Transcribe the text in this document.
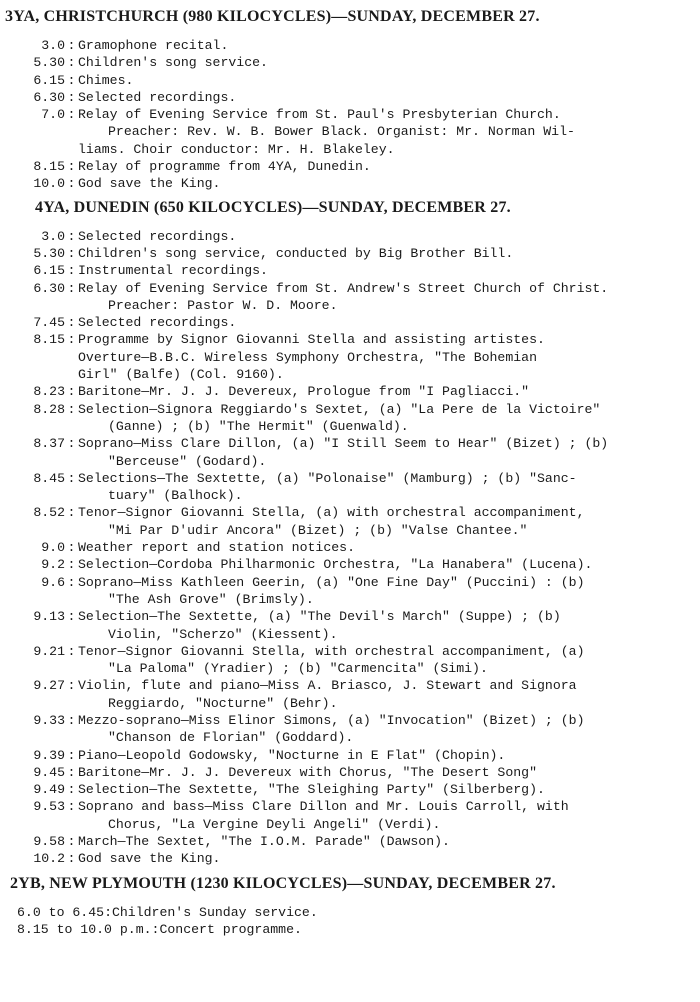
3YA, CHRISTCHURCH (980 KILOCYCLES)—SUNDAY, DECEMBER 27.
3.0 : Gramophone recital.
5.30 : Children's song service.
6.15 : Chimes.
6.30 : Selected recordings.
7.0 : Relay of Evening Service from St. Paul's Presbyterian Church.
Preacher: Rev. W. B. Bower Black. Organist: Mr. Norman Wil-
liams. Choir conductor: Mr. H. Blakeley.
8.15 : Relay of programme from 4YA, Dunedin.
10.0 : God save the King.
4YA, DUNEDIN (650 KILOCYCLES)—SUNDAY, DECEMBER 27.
3.0 : Selected recordings.
5.30 : Children's song service, conducted by Big Brother Bill.
6.15 : Instrumental recordings.
6.30 : Relay of Evening Service from St. Andrew's Street Church of Christ.
Preacher: Pastor W. D. Moore.
7.45 : Selected recordings.
8.15 : Programme by Signor Giovanni Stella and assisting artistes.
Overture—B.B.C. Wireless Symphony Orchestra, "The Bohemian
Girl" (Balfe) (Col. 9160).
8.23 : Baritone—Mr. J. J. Devereux, Prologue from "I Pagliacci."
8.28 : Selection—Signora Reggiardo's Sextet, (a) "La Pere de la Victoire"
(Ganne) ; (b) "The Hermit" (Guenwald).
8.37 : Soprano—Miss Clare Dillon, (a) "I Still Seem to Hear" (Bizet) ; (b)
"Berceuse" (Godard).
8.45 : Selections—The Sextette, (a) "Polonaise" (Mamburg) ; (b) "Sanc-
tuary" (Balhock).
8.52 : Tenor—Signor Giovanni Stella, (a) with orchestral accompaniment,
"Mi Par D'udir Ancora" (Bizet) ; (b) "Valse Chantee."
9.0 : Weather report and station notices.
9.2 : Selection—Cordoba Philharmonic Orchestra, "La Hanabera" (Lucena).
9.6 : Soprano—Miss Kathleen Geerin, (a) "One Fine Day" (Puccini) : (b)
"The Ash Grove" (Brimsly).
9.13 : Selection—The Sextette, (a) "The Devil's March" (Suppe) ; (b)
Violin, "Scherzo" (Kiessent).
9.21 : Tenor—Signor Giovanni Stella, with orchestral accompaniment, (a)
"La Paloma" (Yradier) ; (b) "Carmencita" (Simi).
9.27 : Violin, flute and piano—Miss A. Briasco, J. Stewart and Signora
Reggiardo, "Nocturne" (Behr).
9.33 : Mezzo-soprano—Miss Elinor Simons, (a) "Invocation" (Bizet) ; (b)
"Chanson de Florian" (Goddard).
9.39 : Piano—Leopold Godowsky, "Nocturne in E Flat" (Chopin).
9.45 : Baritone—Mr. J. J. Devereux with Chorus, "The Desert Song"
9.49 : Selection—The Sextette, "The Sleighing Party" (Silberberg).
9.53 : Soprano and bass—Miss Clare Dillon and Mr. Louis Carroll, with
Chorus, "La Vergine Deyli Angeli" (Verdi).
9.58 : March—The Sextet, "The I.O.M. Parade" (Dawson).
10.2 : God save the King.
2YB, NEW PLYMOUTH (1230 KILOCYCLES)—SUNDAY, DECEMBER 27.
6.0 to 6.45 : Children's Sunday service.
8.15 to 10.0 p.m. : Concert programme.
